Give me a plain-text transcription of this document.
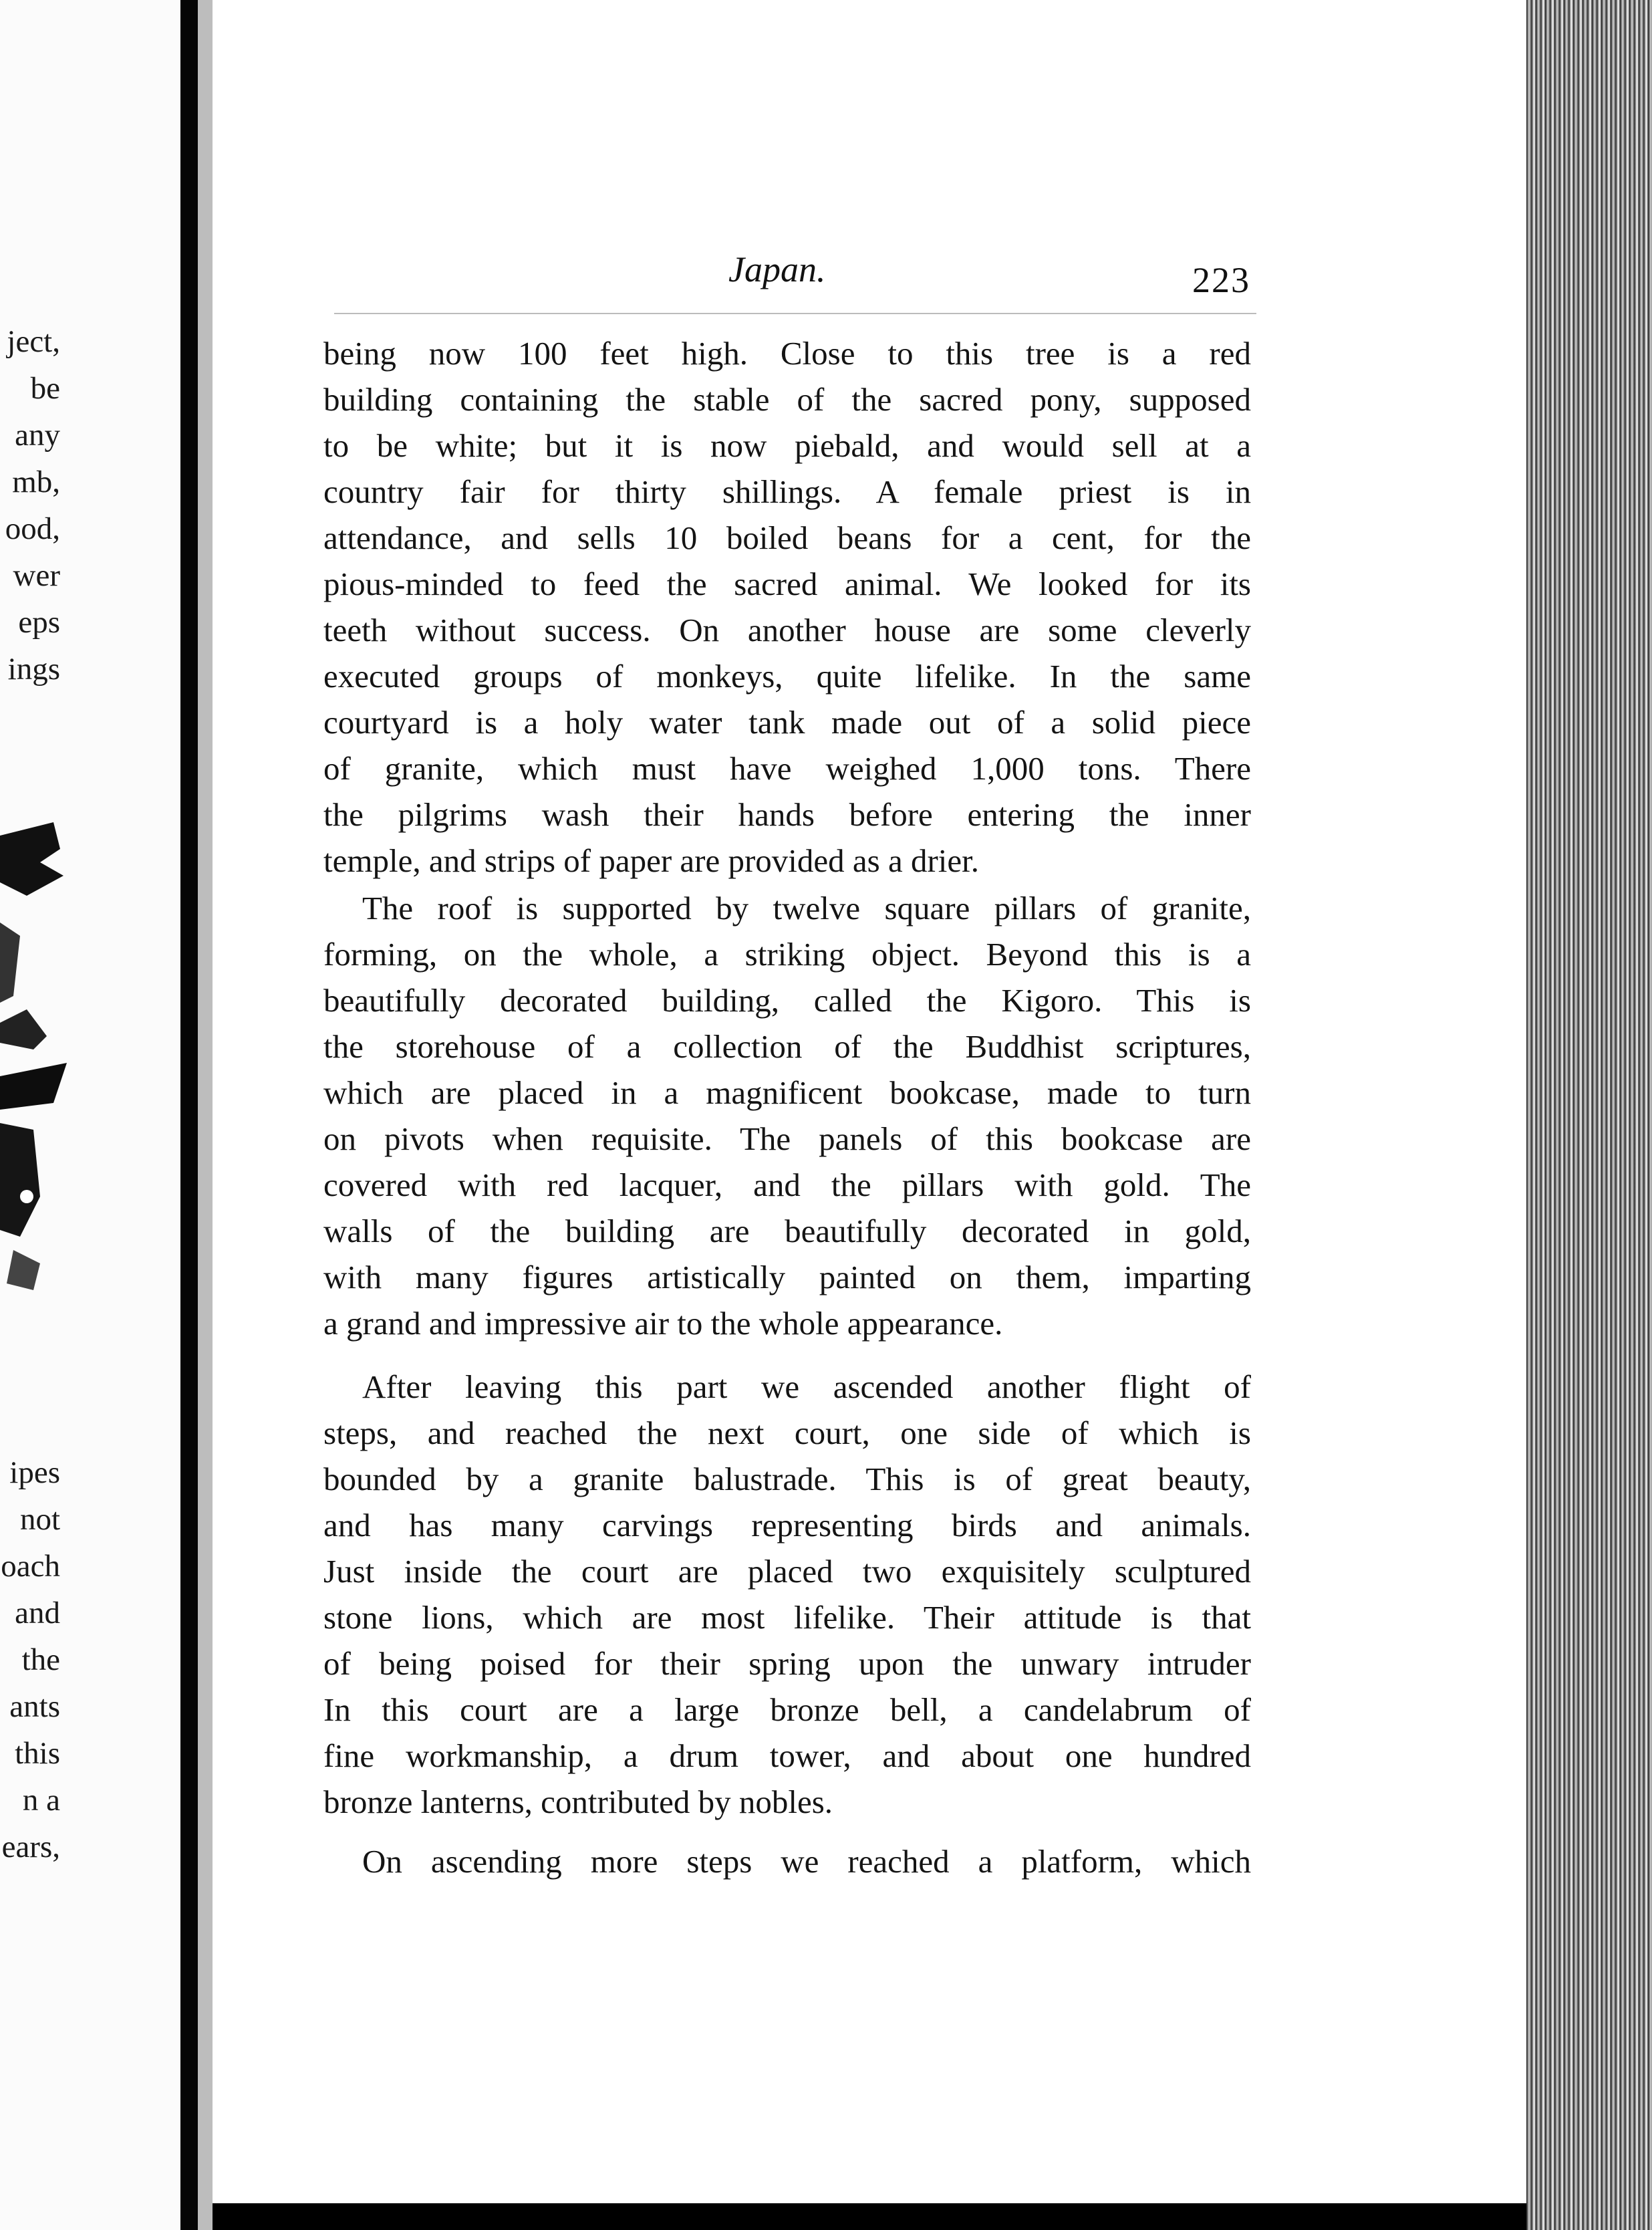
ject,
be
any
mb,
ood,
wer
eps
ings
ipes
not
oach
and
the
ants
this
n a
ears,
Japan.	223
being now 100 feet high. Close to this tree is a red
building containing the stable of the sacred pony, supposed
to be white; but it is now piebald, and would sell at a
country fair for thirty shillings. A female priest is in
attendance, and sells 10 boiled beans for a cent, for the
pious-minded to feed the sacred animal. We looked for its
teeth without success. On another house are some cleverly
executed groups of monkeys, quite lifelike. In the same
courtyard is a holy water tank made out of a solid piece
of granite, which must have weighed 1,000 tons. There
the pilgrims wash their hands before entering the inner
temple, and strips of paper are provided as a drier.
The roof is supported by twelve square pillars of granite,
forming, on the whole, a striking object. Beyond this is a
beautifully decorated building, called the Kigoro. This is
the storehouse of a collection of the Buddhist scriptures,
which are placed in a magnificent bookcase, made to turn
on pivots when requisite. The panels of this bookcase are
covered with red lacquer, and the pillars with gold. The
walls of the building are beautifully decorated in gold,
with many figures artistically painted on them, imparting
a grand and impressive air to the whole appearance.
After leaving this part we ascended another flight of
steps, and reached the next court, one side of which is
bounded by a granite balustrade. This is of great beauty,
and has many carvings representing birds and animals.
Just inside the court are placed two exquisitely sculptured
stone lions, which are most lifelike. Their attitude is that
of being poised for their spring upon the unwary intruder
In this court are a large bronze bell, a candelabrum of
fine workmanship, a drum tower, and about one hundred
bronze lanterns, contributed by nobles.
On ascending more steps we reached a platform, which
